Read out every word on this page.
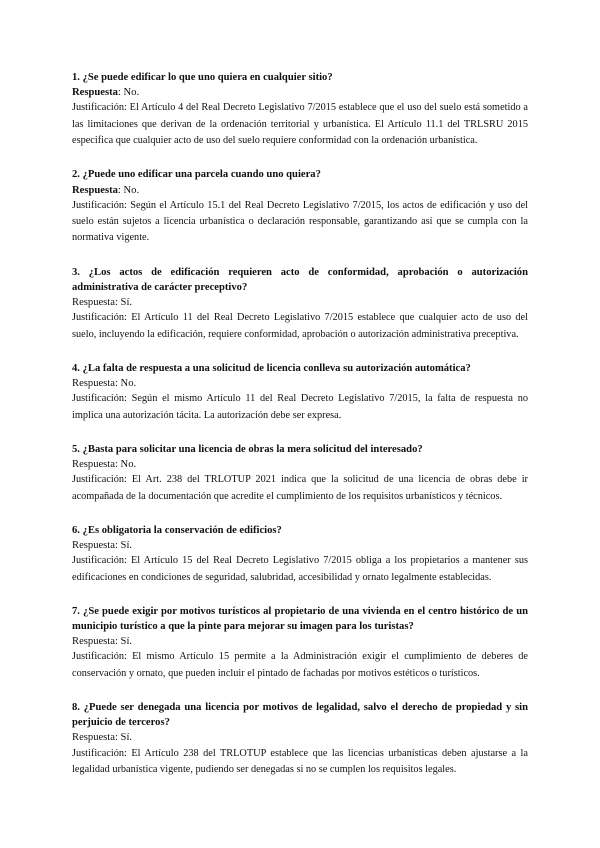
1. ¿Se puede edificar lo que uno quiera en cualquier sitio?

Respuesta: No.

Justificación: El Artículo 4 del Real Decreto Legislativo 7/2015 establece que el uso del suelo está sometido a las limitaciones que derivan de la ordenación territorial y urbanística. El Artículo 11.1 del TRLSRU 2015 especifica que cualquier acto de uso del suelo requiere conformidad con la ordenación urbanística.

2. ¿Puede uno edificar una parcela cuando uno quiera?

Respuesta: No.

Justificación: Según el Artículo 15.1 del Real Decreto Legislativo 7/2015, los actos de edificación y uso del suelo están sujetos a licencia urbanística o declaración responsable, garantizando así que se cumpla con la normativa vigente.

3. ¿Los actos de edificación requieren acto de conformidad, aprobación o autorización administrativa de carácter preceptivo?

Respuesta: Sí.

Justificación: El Artículo 11 del Real Decreto Legislativo 7/2015 establece que cualquier acto de uso del suelo, incluyendo la edificación, requiere conformidad, aprobación o autorización administrativa preceptiva.

4. ¿La falta de respuesta a una solicitud de licencia conlleva su autorización automática?

Respuesta: No.

Justificación: Según el mismo Artículo 11 del Real Decreto Legislativo 7/2015, la falta de respuesta no implica una autorización tácita. La autorización debe ser expresa.

5. ¿Basta para solicitar una licencia de obras la mera solicitud del interesado?

Respuesta: No.

Justificación: El Art. 238 del TRLOTUP 2021 indica que la solicitud de una licencia de obras debe ir acompañada de la documentación que acredite el cumplimiento de los requisitos urbanísticos y técnicos.

6. ¿Es obligatoria la conservación de edificios?

Respuesta: Sí.

Justificación: El Artículo 15 del Real Decreto Legislativo 7/2015 obliga a los propietarios a mantener sus edificaciones en condiciones de seguridad, salubridad, accesibilidad y ornato legalmente establecidas.

7. ¿Se puede exigir por motivos turísticos al propietario de una vivienda en el centro histórico de un municipio turístico a que la pinte para mejorar su imagen para los turistas?

Respuesta: Sí.

Justificación: El mismo Artículo 15 permite a la Administración exigir el cumplimiento de deberes de conservación y ornato, que pueden incluir el pintado de fachadas por motivos estéticos o turísticos.

8. ¿Puede ser denegada una licencia por motivos de legalidad, salvo el derecho de propiedad y sin perjuicio de terceros?

Respuesta: Sí.

Justificación: El Artículo 238 del TRLOTUP establece que las licencias urbanísticas deben ajustarse a la legalidad urbanística vigente, pudiendo ser denegadas si no se cumplen los requisitos legales.
